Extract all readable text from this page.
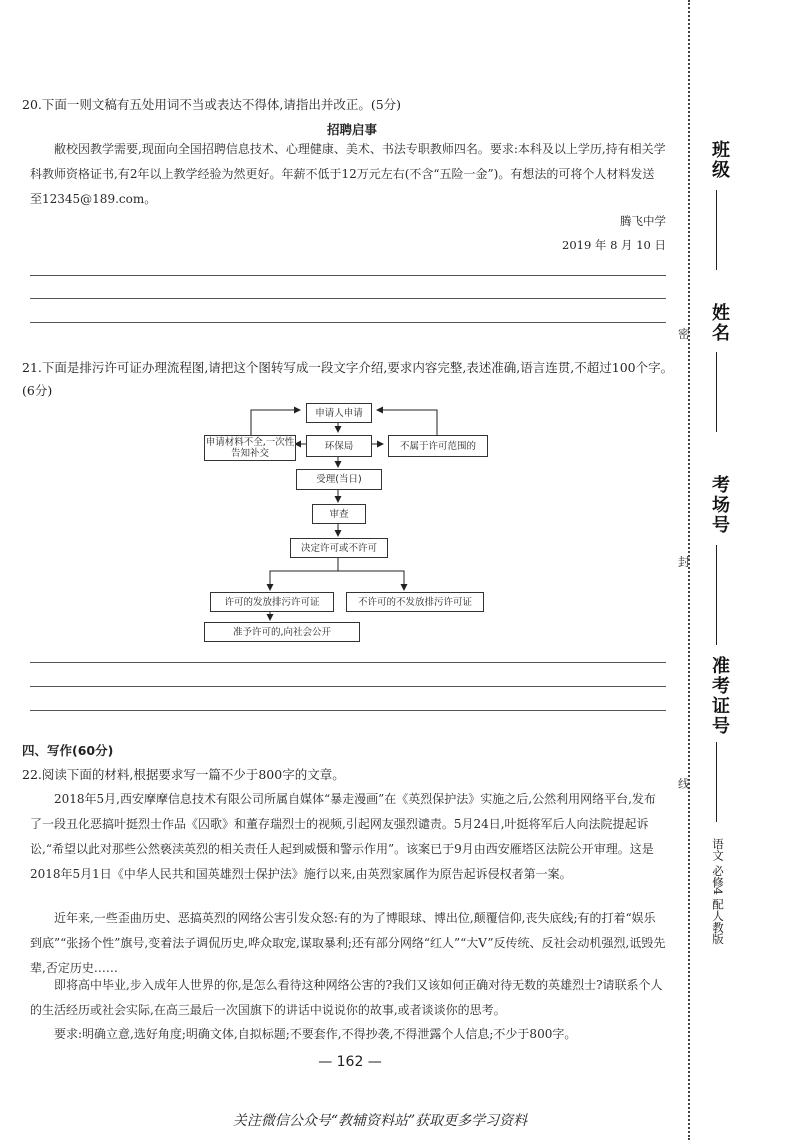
20.下面一则文稿有五处用词不当或表达不得体,请指出并改正。(5分)
招聘启事
敝校因教学需要,现面向全国招聘信息技术、心理健康、美术、书法专职教师四名。要求:本科及以上学历,持有相关学科教师资格证书,有2年以上教学经验为然更好。年薪不低于12万元左右(不含“五险一金”)。有想法的可将个人材料发送至12345@189.com。
腾飞中学
2019 年 8 月 10 日
21.下面是排污许可证办理流程图,请把这个图转写成一段文字介绍,要求内容完整,表述准确,语言连贯,不超过100个字。(6分)
申请人申请
申请材料不全,一次性告知补交
环保局	不属于许可范围的
受理(当日)
审查
决定许可或不许可
许可的发放排污许可证	不许可的不发放排污许可证
准予许可的,向社会公开
四、写作(60分)
22.阅读下面的材料,根据要求写一篇不少于800字的文章。
2018年5月,西安摩摩信息技术有限公司所属自媒体“暴走漫画”在《英烈保护法》实施之后,公然利用网络平台,发布了一段丑化恶搞叶挺烈士作品《囚歌》和董存瑞烈士的视频,引起网友强烈谴责。5月24日,叶挺将军后人向法院提起诉讼,“希望以此对那些公然亵渎英烈的相关责任人起到威慑和警示作用”。该案已于9月由西安雁塔区法院公开审理。这是2018年5月1日《中华人民共和国英雄烈士保护法》施行以来,由英烈家属作为原告起诉侵权者第一案。
近年来,一些歪曲历史、恶搞英烈的网络公害引发众怒:有的为了博眼球、博出位,颠覆信仰,丧失底线;有的打着“娱乐到底”“张扬个性”旗号,变着法子调侃历史,哗众取宠,谋取暴利;还有部分网络“红人”“大V”反传统、反社会动机强烈,诋毁先辈,否定历史……
即将高中毕业,步入成年人世界的你,是怎么看待这种网络公害的?我们又该如何正确对待无数的英雄烈士?请联系个人的生活经历或社会实际,在高三最后一次国旗下的讲话中说说你的故事,或者谈谈你的思考。
要求:明确立意,选好角度;明确文体,自拟标题;不要套作,不得抄袭,不得泄露个人信息;不少于800字。
— 162 —
关注微信公众号“教辅资料站”获取更多学习资料
班级
姓名
密
考场号
封
准考证号
线
语文 必修4 配人教版
